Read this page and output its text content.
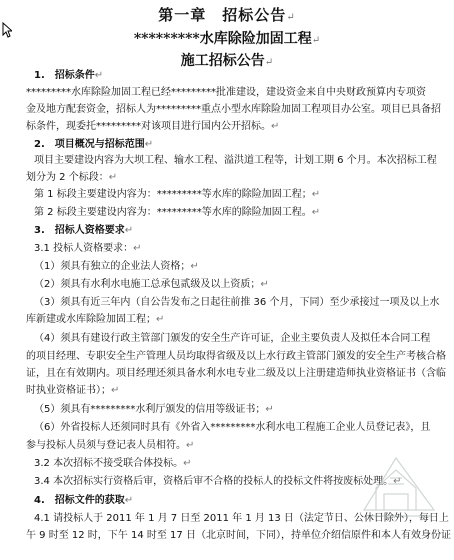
第一章　招标公告↵
*********水库除险加固工程↵
施工招标公告↵
1.　招标条件↵
*********水库除险加固工程已经*********批准建设，建设资金来自中央财政预算内专项资
金及地方配套资金，招标人为*********重点小型水库除险加固工程项目办公室。项目已具备招
标条件，现委托*********对该项目进行国内公开招标。↵
2.　项目概况与招标范围↵
项目主要建设内容为大坝工程、输水工程、溢洪道工程等，计划工期 6 个月。本次招标工程
划分为 2 个标段：↵
第 1 标段主要建设内容为：*********等水库的除险加固工程；↵
第 2 标段主要建设内容为：*********等水库的除险加固工程。↵
3.　招标人资格要求↵
3.1 投标人资格要求：↵
（1）须具有独立的企业法人资格；↵
（2）须具有水利水电施工总承包贰级及以上资质；↵
（3）须具有近三年内（自公告发布之日起往前推 36 个月，下同）至少承接过一项及以上水
库新建或水库除险加固工程；↵
（4）须具有建设行政主管部门颁发的安全生产许可证，企业主要负责人及拟任本合同工程
的项目经理、专职安全生产管理人员均取得省级及以上水行政主管部门颁发的安全生产考核合格
证，且在有效期内。项目经理还须具备水利水电专业二级及以上注册建造师执业资格证书（含临
时执业资格证书）；↵
（5）须具有*********水利厅颁发的信用等级证书；↵
（6）外省投标人还须同时具有《外省入*********水利水电工程施工企业人员登记表》，且
参与投标人员须与登记表人员相符。↵
3.2 本次招标不接受联合体投标。↵
3.4 本次招标实行资格后审，资格后审不合格的投标人的投标文件将按废标处理。↵
4.　招标文件的获取↵
4.1 请投标人于 2011 年 1 月 7 日至 2011 年 1 月 13 日（法定节日、公休日除外），每日上
午 9 时至 12 时，下午 14 时至 17 日（北京时间，下同），持单位介绍信原件和本人有效身份证
